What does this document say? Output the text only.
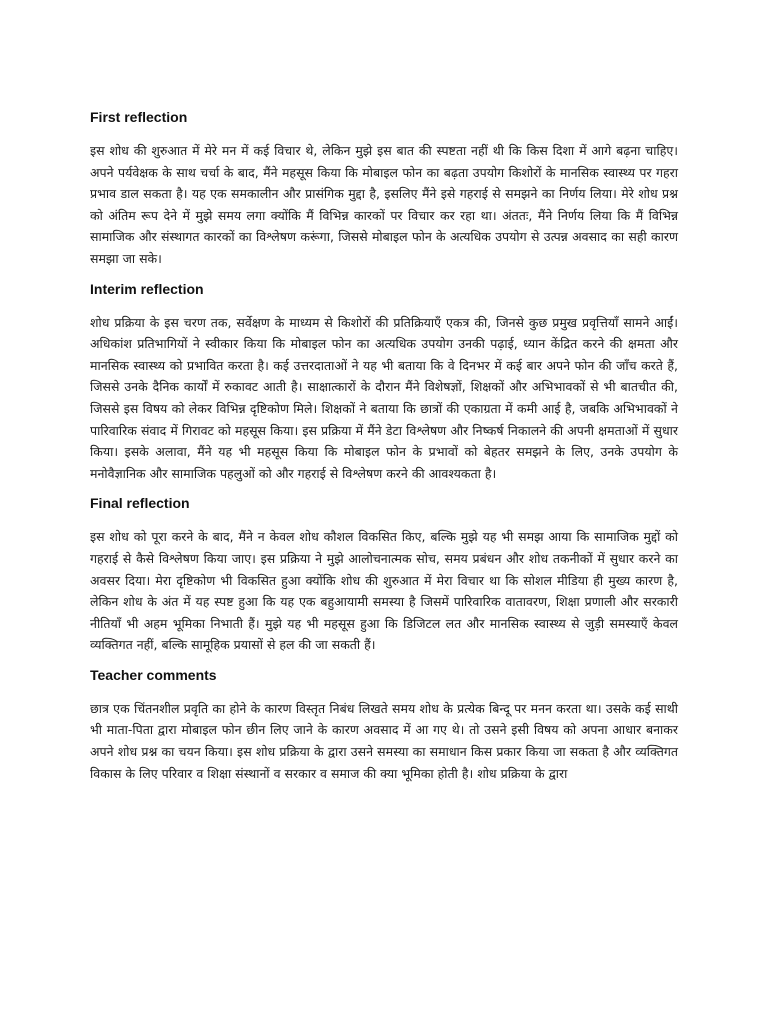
First reflection

इस शोध की शुरुआत में मेरे मन में कई विचार थे, लेकिन मुझे इस बात की स्पष्टता नहीं थी कि किस दिशा में आगे बढ़ना चाहिए। अपने पर्यवेक्षक के साथ चर्चा के बाद, मैंने महसूस किया कि मोबाइल फोन का बढ़ता उपयोग किशोरों के मानसिक स्वास्थ्य पर गहरा प्रभाव डाल सकता है। यह एक समकालीन और प्रासंगिक मुद्दा है, इसलिए मैंने इसे गहराई से समझने का निर्णय लिया। मेरे शोध प्रश्न को अंतिम रूप देने में मुझे समय लगा क्योंकि मैं विभिन्न कारकों पर विचार कर रहा था। अंततः, मैंने निर्णय लिया कि मैं विभिन्न सामाजिक और संस्थागत कारकों का विश्लेषण करूंगा, जिससे मोबाइल फोन के अत्यधिक उपयोग से उत्पन्न अवसाद का सही कारण समझा जा सके।

Interim reflection

शोध प्रक्रिया के इस चरण तक, सर्वेक्षण के माध्यम से किशोरों की प्रतिक्रियाएँ एकत्र की, जिनसे कुछ प्रमुख प्रवृत्तियाँ सामने आईं। अधिकांश प्रतिभागियों ने स्वीकार किया कि मोबाइल फोन का अत्यधिक उपयोग उनकी पढ़ाई, ध्यान केंद्रित करने की क्षमता और मानसिक स्वास्थ्य को प्रभावित करता है। कई उत्तरदाताओं ने यह भी बताया कि वे दिनभर में कई बार अपने फोन की जाँच करते हैं, जिससे उनके दैनिक कार्यों में रुकावट आती है। साक्षात्कारों के दौरान मैंने विशेषज्ञों, शिक्षकों और अभिभावकों से भी बातचीत की, जिससे इस विषय को लेकर विभिन्न दृष्टिकोण मिले। शिक्षकों ने बताया कि छात्रों की एकाग्रता में कमी आई है, जबकि अभिभावकों ने पारिवारिक संवाद में गिरावट को महसूस किया। इस प्रक्रिया में मैंने डेटा विश्लेषण और निष्कर्ष निकालने की अपनी क्षमताओं में सुधार किया। इसके अलावा, मैंने यह भी महसूस किया कि मोबाइल फोन के प्रभावों को बेहतर समझने के लिए, उनके उपयोग के मनोवैज्ञानिक और सामाजिक पहलुओं को और गहराई से विश्लेषण करने की आवश्यकता है।

Final reflection

इस शोध को पूरा करने के बाद, मैंने न केवल शोध कौशल विकसित किए, बल्कि मुझे यह भी समझ आया कि सामाजिक मुद्दों को गहराई से कैसे विश्लेषण किया जाए। इस प्रक्रिया ने मुझे आलोचनात्मक सोच, समय प्रबंधन और शोध तकनीकों में सुधार करने का अवसर दिया। मेरा दृष्टिकोण भी विकसित हुआ क्योंकि शोध की शुरुआत में मेरा विचार था कि सोशल मीडिया ही मुख्य कारण है, लेकिन शोध के अंत में यह स्पष्ट हुआ कि यह एक बहुआयामी समस्या है जिसमें पारिवारिक वातावरण, शिक्षा प्रणाली और सरकारी नीतियाँ भी अहम भूमिका निभाती हैं। मुझे यह भी महसूस हुआ कि डिजिटल लत और मानसिक स्वास्थ्य से जुड़ी समस्याएँ केवल व्यक्तिगत नहीं, बल्कि सामूहिक प्रयासों से हल की जा सकती हैं।

Teacher comments

छात्र एक चिंतनशील प्रवृति का होने के कारण विस्तृत निबंध लिखते समय शोध के प्रत्येक बिन्दू पर मनन करता था। उसके कई साथी भी माता-पिता द्वारा मोबाइल फोन छीन लिए जाने के कारण अवसाद में आ गए थे। तो उसने इसी विषय को अपना आधार बनाकर अपने शोध प्रश्न का चयन किया। इस शोध प्रक्रिया के द्वारा उसने समस्या का समाधान किस प्रकार किया जा सकता है और व्यक्तिगत विकास के लिए परिवार व शिक्षा संस्थानों व सरकार व समाज की क्या भूमिका होती है। शोध प्रक्रिया के द्वारा
